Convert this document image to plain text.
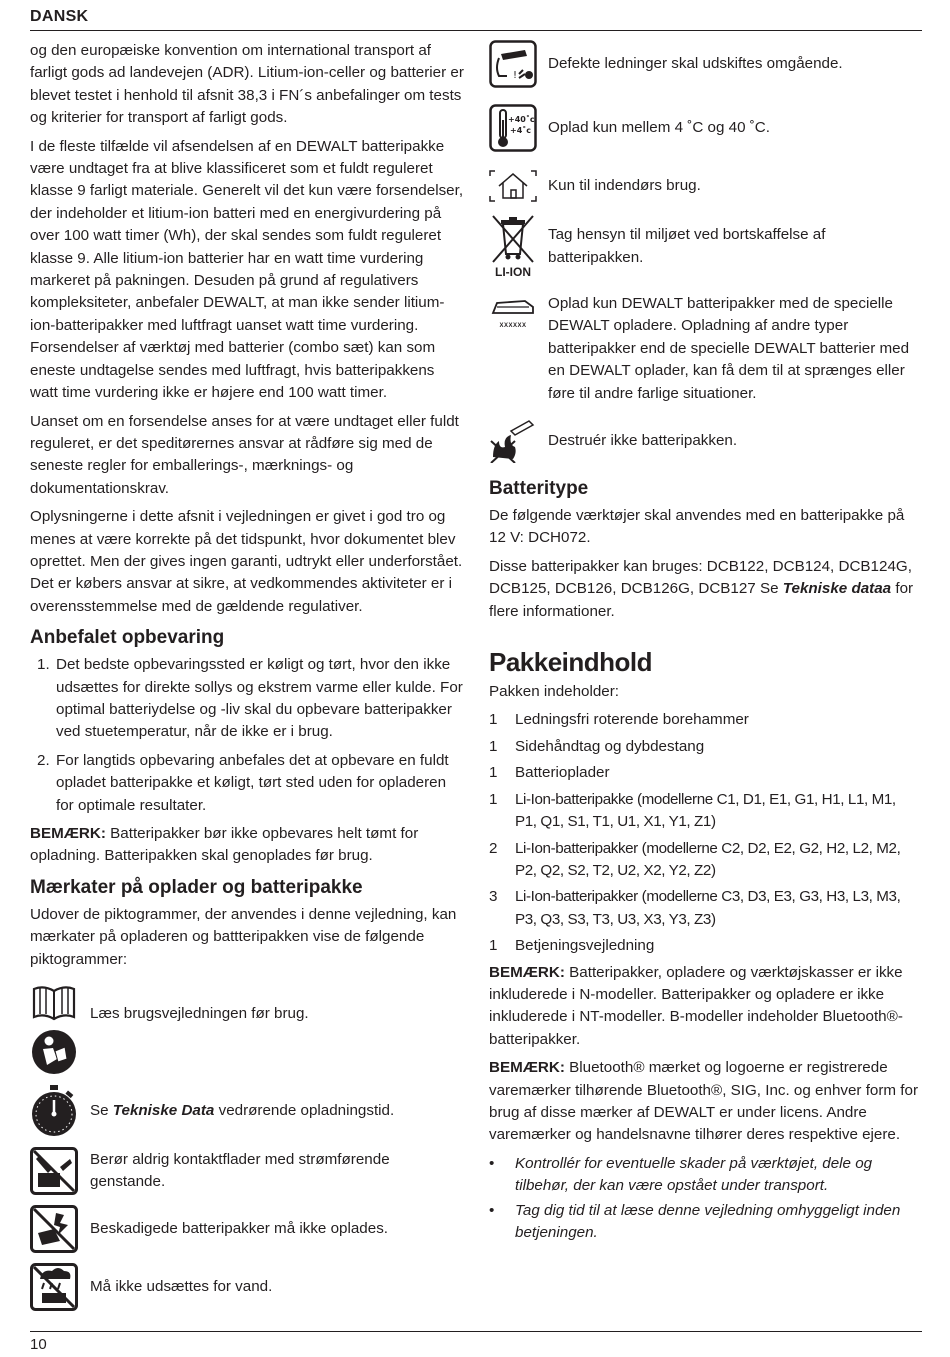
DANSK

og den europæiske konvention om international transport af farligt gods ad landevejen (ADR). Litium-ion-celler og batterier er blevet testet i henhold til afsnit 38,3 i FN´s anbefalinger om tests og kriterier for transport af farligt gods.

I de fleste tilfælde vil afsendelsen af en DEWALT batteripakke være undtaget fra at blive klassificeret som et fuldt reguleret klasse 9 farligt materiale. Generelt vil det kun være forsendelser, der indeholder et litium-ion batteri med en energivurdering på over 100 watt timer (Wh), der skal sendes som fuldt reguleret klasse 9. Alle litium-ion batterier har en watt time vurdering markeret på pakningen. Desuden på grund af regulativers kompleksiteter, anbefaler DEWALT, at man ikke sender litium-ion-batteripakker med luftfragt uanset watt time vurdering. Forsendelser af værktøj med batterier (combo sæt) kan som eneste undtagelse sendes med luftfragt, hvis batteripakkens watt time vurdering ikke er højere end 100 watt timer.

Uanset om en forsendelse anses for at være undtaget eller fuldt reguleret, er det speditørernes ansvar at rådføre sig med de seneste regler for emballerings-, mærknings- og dokumentationskrav.

Oplysningerne i dette afsnit i vejledningen er givet i god tro og menes at være korrekte på det tidspunkt, hvor dokumentet blev oprettet. Men der gives ingen garanti, udtrykt eller underforstået. Det er købers ansvar at sikre, at vedkommendes aktiviteter er i overensstemmelse med de gældende regulativer.

Anbefalet opbevaring
1. Det bedste opbevaringssted er køligt og tørt, hvor den ikke udsættes for direkte sollys og ekstrem varme eller kulde. For optimal batteriydelse og -liv skal du opbevare batteripakker ved stuetemperatur, når de ikke er i brug.
2. For langtids opbevaring anbefales det at opbevare en fuldt opladet batteripakke et køligt, tørt sted uden for opladeren for optimale resultater.

BEMÆRK: Batteripakker bør ikke opbevares helt tømt for opladning. Batteripakken skal genoplades før brug.

Mærkater på oplader og batteripakke

Udover de piktogrammer, der anvendes i denne vejledning, kan mærkater på opladeren og battteripakken vise de følgende piktogrammer:

Læs brugsvejledningen før brug.
Se Tekniske Data vedrørende opladningstid.
Berør aldrig kontaktflader med strømførende genstande.
Beskadigede batteripakker må ikke oplades.
Må ikke udsættes for vand.
!
Defekte ledninger skal udskiftes omgående.
+40˚c
+4˚c Oplad kun mellem 4 ˚C og 40 ˚C.
Kun til indendørs brug.
LI-ION
Tag hensyn til miljøet ved bortskaffelse af batteripakken.
XXXXXX
Oplad kun DEWALT batteripakker med de specielle DEWALT opladere. Opladning af andre typer batteripakker end de specielle DEWALT batterier med en DEWALT oplader, kan få dem til at sprænges eller føre til andre farlige situationer.
Destruér ikke batteripakken.
Batteritype

De følgende værktøjer skal anvendes med en batteripakke på 12 V: DCH072.

Disse batteripakker kan bruges: DCB122, DCB124, DCB124G, DCB125, DCB126, DCB126G, DCB127 Se Tekniske dataa for flere informationer.

Pakkeindhold

Pakken indeholder:

1	Ledningsfri roterende borehammer
1	Sidehåndtag og dybdestang
1	Batterioplader
1	Li-Ion-batteripakke (modellerne C1, D1, E1, G1, H1, L1, M1, P1, Q1, S1, T1, U1, X1, Y1, Z1)
2	Li-Ion-batteripakker (modellerne C2, D2, E2, G2, H2, L2, M2, P2, Q2, S2, T2, U2, X2, Y2, Z2)
3	Li-Ion-batteripakker (modellerne C3, D3, E3, G3, H3, L3, M3, P3, Q3, S3, T3, U3, X3, Y3, Z3)
1	Betjeningsvejledning

BEMÆRK: Batteripakker, opladere og værktøjskasser er ikke inkluderede i N-modeller. Batteripakker og opladere er ikke inkluderede i NT-modeller. B-modeller indeholder Bluetooth®-batteripakker.

BEMÆRK: Bluetooth® mærket og logoerne er registrerede varemærker tilhørende Bluetooth®, SIG, Inc. og enhver form for brug af disse mærker af DEWALT er under licens. Andre varemærker og handelsnavne tilhører deres respektive ejere.

• Kontrollér for eventuelle skader på værktøjet, dele og tilbehør, der kan være opstået under transport.
• Tag dig tid til at læse denne vejledning omhyggeligt inden betjeningen.
10
